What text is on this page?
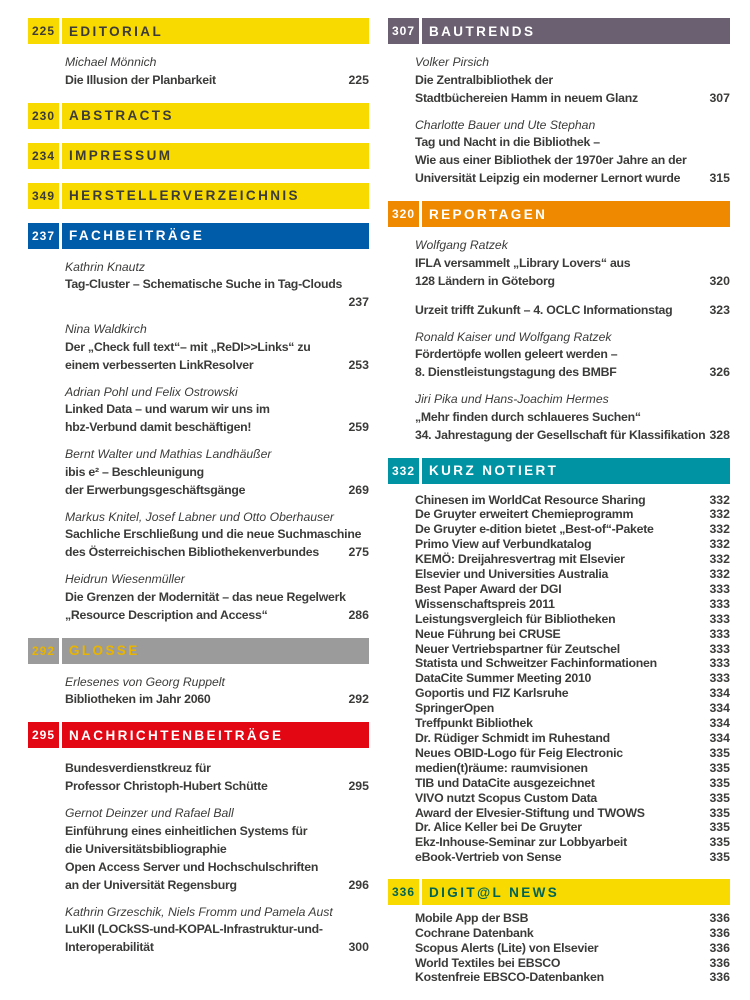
225	EDITORIAL
Michael Mönnich
Die Illusion der Planbarkeit	225
230	ABSTRACTS
234	IMPRESSUM
349	HERSTELLERVERZEICHNIS
237	FACHBEITRÄGE
Kathrin Knautz
Tag-Cluster – Schematische Suche in Tag-Clouds
237
Nina Waldkirch
Der „Check full text“– mit „ReDI>>Links“ zu
einem verbesserten LinkResolver	253
Adrian Pohl und Felix Ostrowski
Linked Data – und warum wir uns im
hbz-Verbund damit beschäftigen!	259
Bernt Walter und Mathias Landhäußer
ibis e² – Beschleunigung
der Erwerbungsgeschäftsgänge	269
Markus Knitel, Josef Labner und Otto Oberhauser
Sachliche Erschließung und die neue Suchmaschine
des Österreichischen Bibliothekenverbundes 275
Heidrun Wiesenmüller
Die Grenzen der Modernität – das neue Regelwerk
„Resource Description and Access“	286
292	GLOSSE
Erlesenes von Georg Ruppelt
Bibliotheken im Jahr 2060	292
295	NACHRICHTENBEITRÄGE
Bundesverdienstkreuz für
Professor Christoph-Hubert Schütte	295
Gernot Deinzer und Rafael Ball
Einführung eines einheitlichen Systems für
die Universitätsbibliographie
Open Access Server und Hochschulschriften
an der Universität Regensburg	296
Kathrin Grzeschik, Niels Fromm und Pamela Aust
LuKII (LOCkSS-und-KOPAL-Infrastruktur-und-
Interoperabilität	300
307	BAUTRENDS
Volker Pirsich
Die Zentralbibliothek der
Stadtbüchereien Hamm in neuem Glanz	307
Charlotte Bauer und Ute Stephan
Tag und Nacht in die Bibliothek –
Wie aus einer Bibliothek der 1970er Jahre an der
Universität Leipzig ein moderner Lernort wurde 315
320	REPORTAGEN
Wolfgang Ratzek
IFLA versammelt „Library Lovers“ aus
128 Ländern in Göteborg	320
Urzeit trifft Zukunft – 4. OCLC Informationstag	323
Ronald Kaiser und Wolfgang Ratzek
Fördertöpfe wollen geleert werden –
8. Dienstleistungstagung des BMBF	326
Jiri Pika und Hans-Joachim Hermes
„Mehr finden durch schlaueres Suchen“
34. Jahrestagung der Gesellschaft für Klassifikation 328
332	KURZ NOTIERT
Chinesen im WorldCat Resource Sharing	332
De Gruyter erweitert Chemieprogramm	332
De Gruyter e-dition bietet „Best-of“-Pakete	332
Primo View auf Verbundkatalog	332
KEMÖ: Dreijahresvertrag mit Elsevier	332
Elsevier und Universities Australia	332
Best Paper Award der DGI	333
Wissenschaftspreis 2011	333
Leistungsvergleich für Bibliotheken	333
Neue Führung bei CRUSE	333
Neuer Vertriebspartner für Zeutschel	333
Statista und Schweitzer Fachinformationen	333
DataCite Summer Meeting 2010	333
Goportis und FIZ Karlsruhe	334
SpringerOpen	334
Treffpunkt Bibliothek	334
Dr. Rüdiger Schmidt im Ruhestand	334
Neues OBID-Logo für Feig Electronic	335
medien(t)räume: raumvisionen	335
TIB und DataCite ausgezeichnet	335
VIVO nutzt Scopus Custom Data	335
Award der Elvesier-Stiftung und TWOWS	335
Dr. Alice Keller bei De Gruyter	335
Ekz-Inhouse-Seminar zur Lobbyarbeit	335
eBook-Vertrieb von Sense	335
336	DIGIT@L NEWS
Mobile App der BSB	336
Cochrane Datenbank	336
Scopus Alerts (Lite) von Elsevier	336
World Textiles bei EBSCO	336
Kostenfreie EBSCO-Datenbanken	336
